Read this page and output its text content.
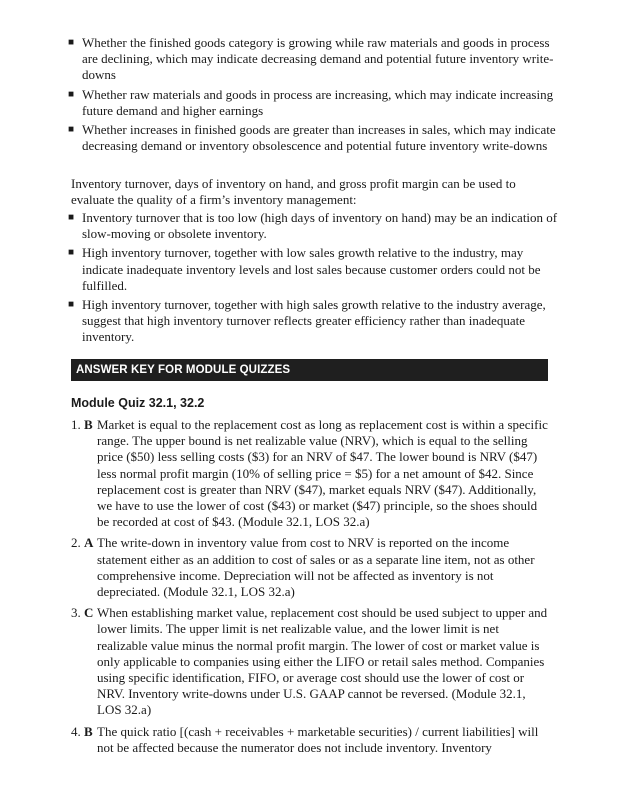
■ Whether the finished goods category is growing while raw materials and goods in process are declining, which may indicate decreasing demand and potential future inventory write-downs
■ Whether raw materials and goods in process are increasing, which may indicate increasing future demand and higher earnings
■ Whether increases in finished goods are greater than increases in sales, which may indicate decreasing demand or inventory obsolescence and potential future inventory write-downs

Inventory turnover, days of inventory on hand, and gross profit margin can be used to evaluate the quality of a firm’s inventory management:

■ Inventory turnover that is too low (high days of inventory on hand) may be an indication of slow-moving or obsolete inventory.
■ High inventory turnover, together with low sales growth relative to the industry, may indicate inadequate inventory levels and lost sales because customer orders could not be fulfilled.
■ High inventory turnover, together with high sales growth relative to the industry average, suggest that high inventory turnover reflects greater efficiency rather than inadequate inventory.
ANSWER KEY FOR MODULE QUIZZES

Module Quiz 32.1, 32.2

1. B Market is equal to the replacement cost as long as replacement cost is within a specific range. The upper bound is net realizable value (NRV), which is equal to the selling price ($50) less selling costs ($3) for an NRV of $47. The lower bound is NRV ($47) less normal profit margin (10% of selling price = $5) for a net amount of $42. Since replacement cost is greater than NRV ($47), market equals NRV ($47). Additionally, we have to use the lower of cost ($43) or market ($47) principle, so the shoes should be recorded at cost of $43. (Module 32.1, LOS 32.a)
2. A The write-down in inventory value from cost to NRV is reported on the income statement either as an addition to cost of sales or as a separate line item, not as other comprehensive income. Depreciation will not be affected as inventory is not depreciated. (Module 32.1, LOS 32.a)
3. C When establishing market value, replacement cost should be used subject to upper and lower limits. The upper limit is net realizable value, and the lower limit is net realizable value minus the normal profit margin. The lower of cost or market value is only applicable to companies using either the LIFO or retail sales method. Companies using specific identification, FIFO, or average cost should use the lower of cost or NRV. Inventory write-downs under U.S. GAAP cannot be reversed. (Module 32.1, LOS 32.a)
4. B The quick ratio [(cash + receivables + marketable securities) / current liabilities] will not be affected because the numerator does not include inventory. Inventory
